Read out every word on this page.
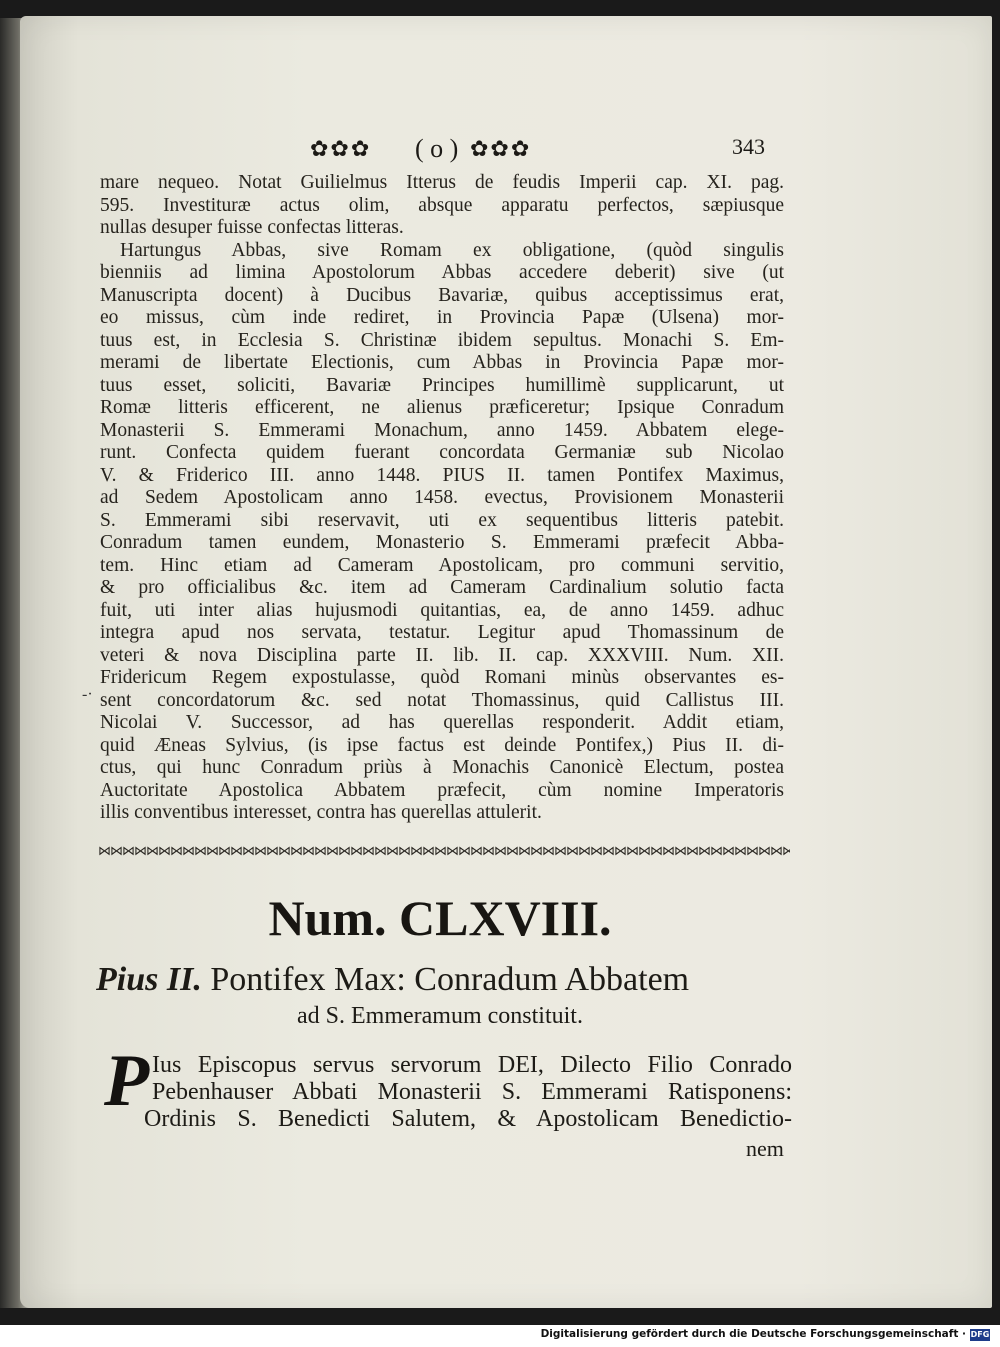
✿✿✿ ( o ) ✿✿✿	343
mare nequeo. Notat Guilielmus Itterus de feudis Imperii cap. XI. pag.
595. Investituræ actus olim, absque apparatu perfectos, sæpiusque
nullas desuper fuisse confectas litteras.
Hartungus Abbas, sive Romam ex obligatione, (quòd singulis
bienniis ad limina Apostolorum Abbas accedere deberit) sive (ut
Manuscripta docent) à Ducibus Bavariæ, quibus acceptissimus erat,
eo missus, cùm inde rediret, in Provincia Papæ (Ulsena) mor-
tuus est, in Ecclesia S. Christinæ ibidem sepultus. Monachi S. Em-
merami de libertate Electionis, cum Abbas in Provincia Papæ mor-
tuus esset, soliciti, Bavariæ Principes humillimè supplicarunt, ut
Romæ litteris efficerent, ne alienus præficeretur; Ipsique Conradum
Monasterii S. Emmerami Monachum, anno 1459. Abbatem elege-
runt. Confecta quidem fuerant concordata Germaniæ sub Nicolao
V. & Friderico III. anno 1448. PIUS II. tamen Pontifex Maximus,
ad Sedem Apostolicam anno 1458. evectus, Provisionem Monasterii
S. Emmerami sibi reservavit, uti ex sequentibus litteris patebit.
Conradum tamen eundem, Monasterio S. Emmerami præfecit Abba-
tem. Hinc etiam ad Cameram Apostolicam, pro communi servitio,
& pro officialibus &c. item ad Cameram Cardinalium solutio facta
fuit, uti inter alias hujusmodi quitantias, ea, de anno 1459. adhuc
integra apud nos servata, testatur. Legitur apud Thomassinum de
veteri & nova Disciplina parte II. lib. II. cap. XXXVIII. Num. XII.
Fridericum Regem expostulasse, quòd Romani minùs observantes es-
sent concordatorum &c. sed notat Thomassinus, quid Callistus III.
Nicolai V. Successor, ad has querellas responderit. Addit etiam,
quid Æneas Sylvius, (is ipse factus est deinde Pontifex,) Pius II. di-
ctus, qui hunc Conradum priùs à Monachis Canonicè Electum, postea
Auctoritate Apostolica Abbatem præfecit, cùm nomine Imperatoris
illis conventibus interesset, contra has querellas attulerit.
-·
⋈⋈⋈⋈⋈⋈⋈⋈⋈⋈⋈⋈⋈⋈⋈⋈⋈⋈⋈⋈⋈⋈⋈⋈⋈⋈⋈⋈⋈⋈⋈⋈⋈⋈⋈⋈⋈⋈⋈⋈⋈⋈⋈⋈⋈⋈⋈⋈⋈⋈⋈⋈⋈⋈⋈⋈⋈⋈⋈⋈⋈⋈⋈⋈⋈⋈⋈⋈⋈⋈
Num. CLXVIII.
Pius II. Pontifex Max: Conradum Abbatem
ad S. Emmeramum constituit.
P Ius Episcopus servus servorum DEI, Dilecto Filio Conrado
Pebenhauser Abbati Monasterii S. Emmerami Ratisponens:
Ordinis S. Benedicti Salutem, & Apostolicam Benedictio-
nem
Digitalisierung gefördert durch die Deutsche Forschungsgemeinschaft · DFG
